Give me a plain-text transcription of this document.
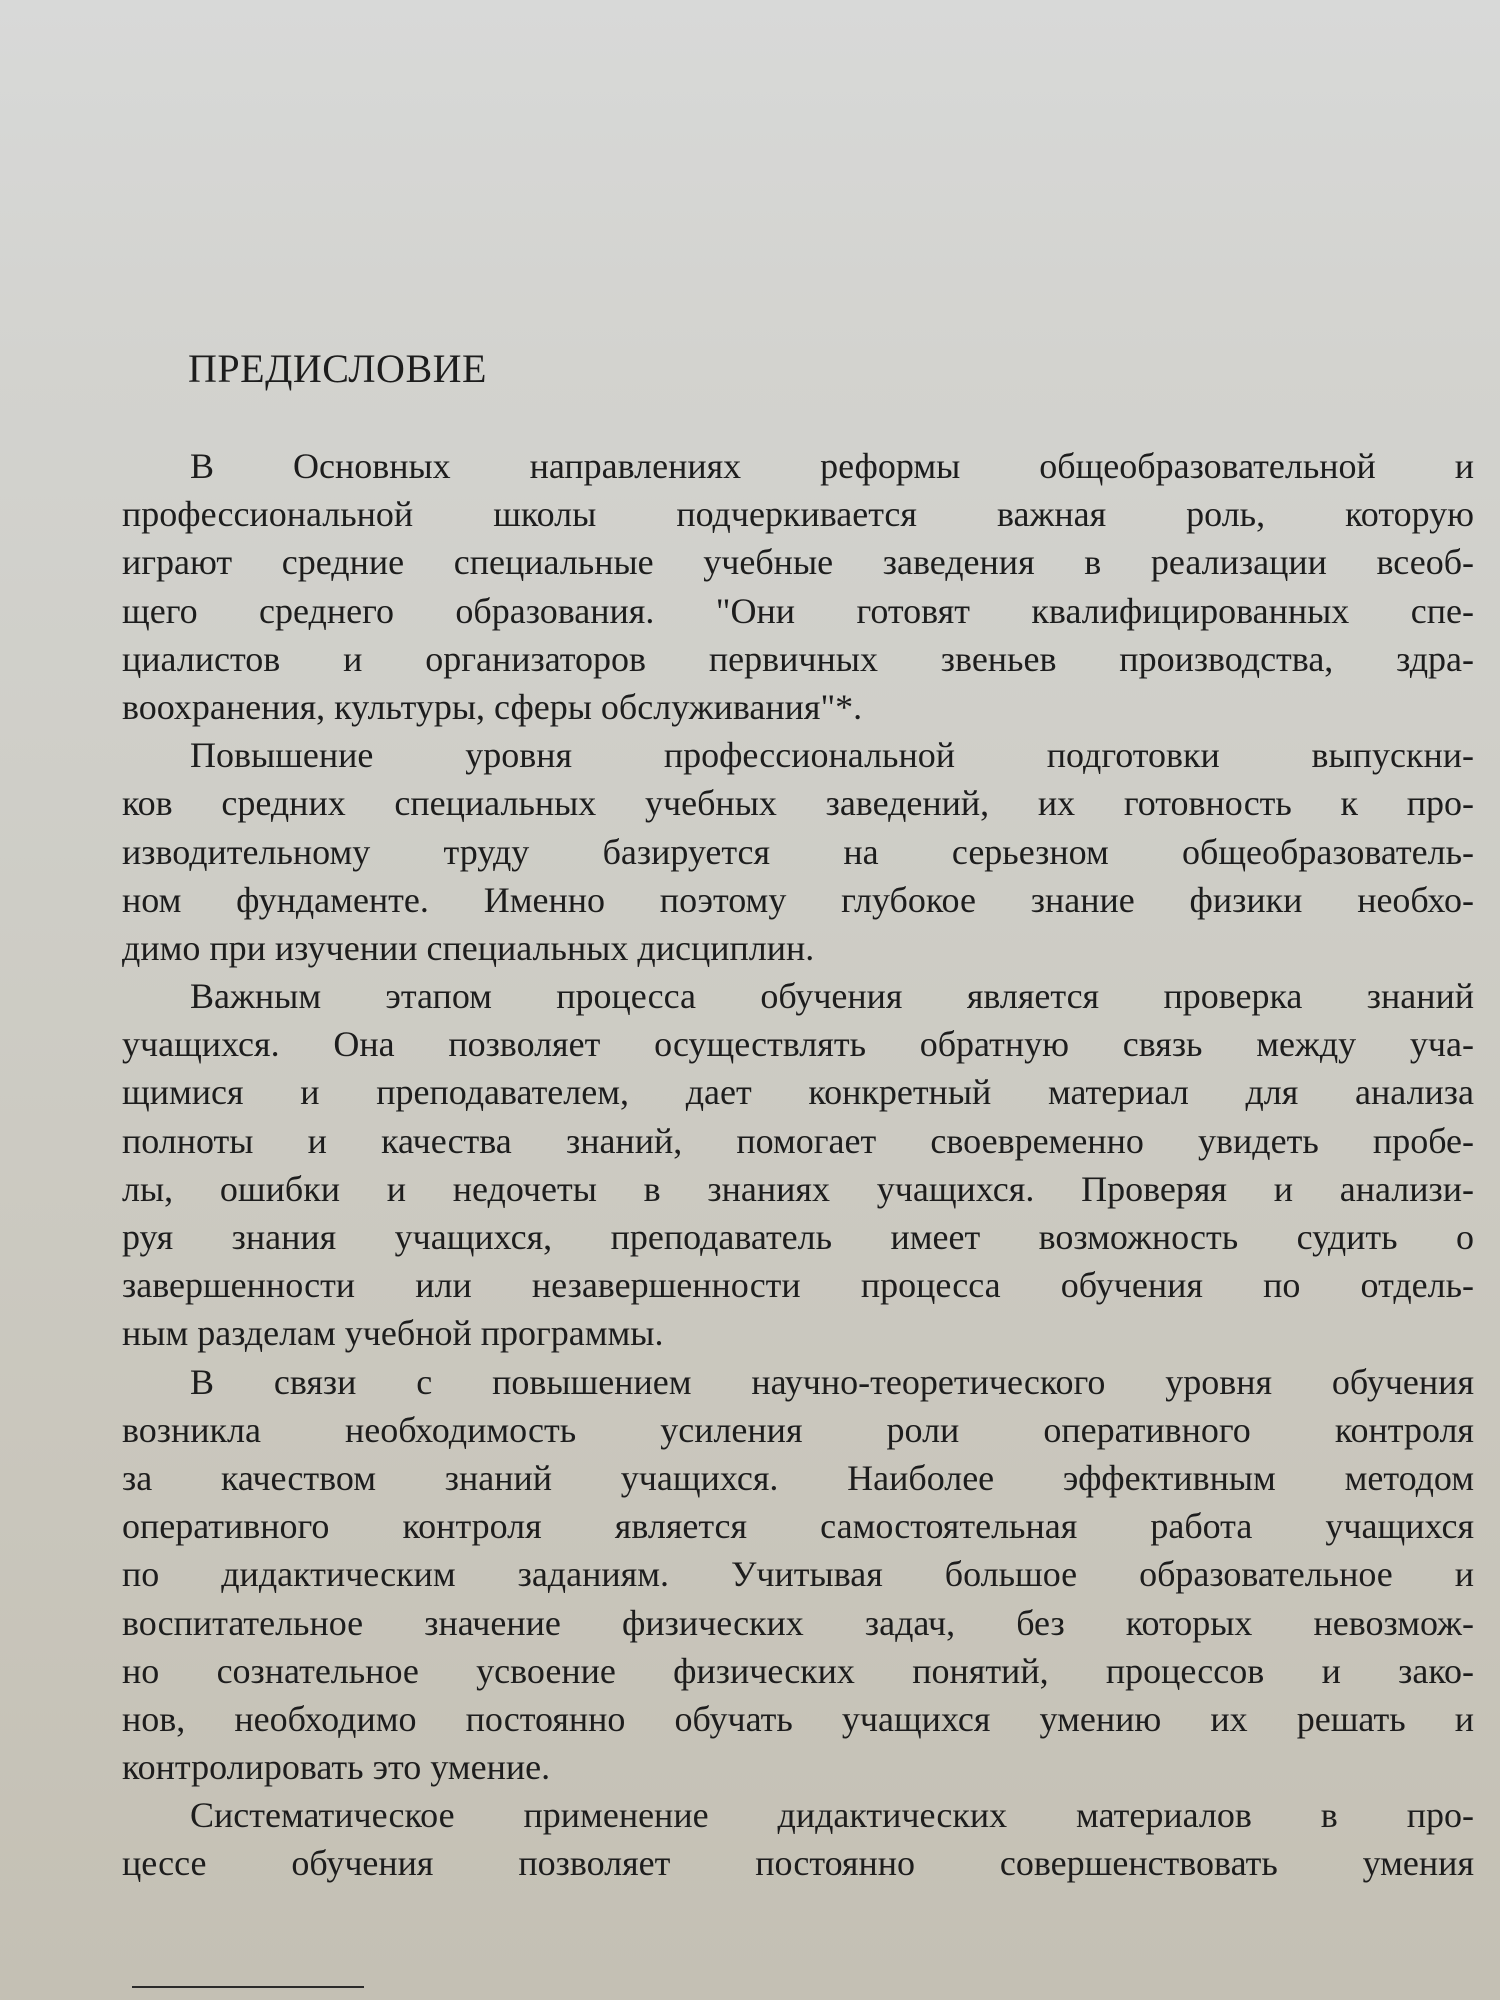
ПРЕДИСЛОВИЕ
В Основных направлениях реформы общеобразовательной и
профессиональной школы подчеркивается важная роль, которую
играют средние специальные учебные заведения в реализации всеоб-
щего среднего образования. "Они готовят квалифицированных спе-
циалистов и организаторов первичных звеньев производства, здра-
воохранения, культуры, сферы обслуживания"*.
Повышение уровня профессиональной подготовки выпускни-
ков средних специальных учебных заведений, их готовность к про-
изводительному труду базируется на серьезном общеобразователь-
ном фундаменте. Именно поэтому глубокое знание физики необхо-
димо при изучении специальных дисциплин.
Важным этапом процесса обучения является проверка знаний
учащихся. Она позволяет осуществлять обратную связь между уча-
щимися и преподавателем, дает конкретный материал для анализа
полноты и качества знаний, помогает своевременно увидеть пробе-
лы, ошибки и недочеты в знаниях учащихся. Проверяя и анализи-
руя знания учащихся, преподаватель имеет возможность судить о
завершенности или незавершенности процесса обучения по отдель-
ным разделам учебной программы.
В связи с повышением научно-теоретического уровня обучения
возникла необходимость усиления роли оперативного контроля
за качеством знаний учащихся. Наиболее эффективным методом
оперативного контроля является самостоятельная работа учащихся
по дидактическим заданиям. Учитывая большое образовательное и
воспитательное значение физических задач, без которых невозмож-
но сознательное усвоение физических понятий, процессов и зако-
нов, необходимо постоянно обучать учащихся умению их решать и
контролировать это умение.
Систематическое применение дидактических материалов в про-
цессе обучения позволяет постоянно совершенствовать умения
